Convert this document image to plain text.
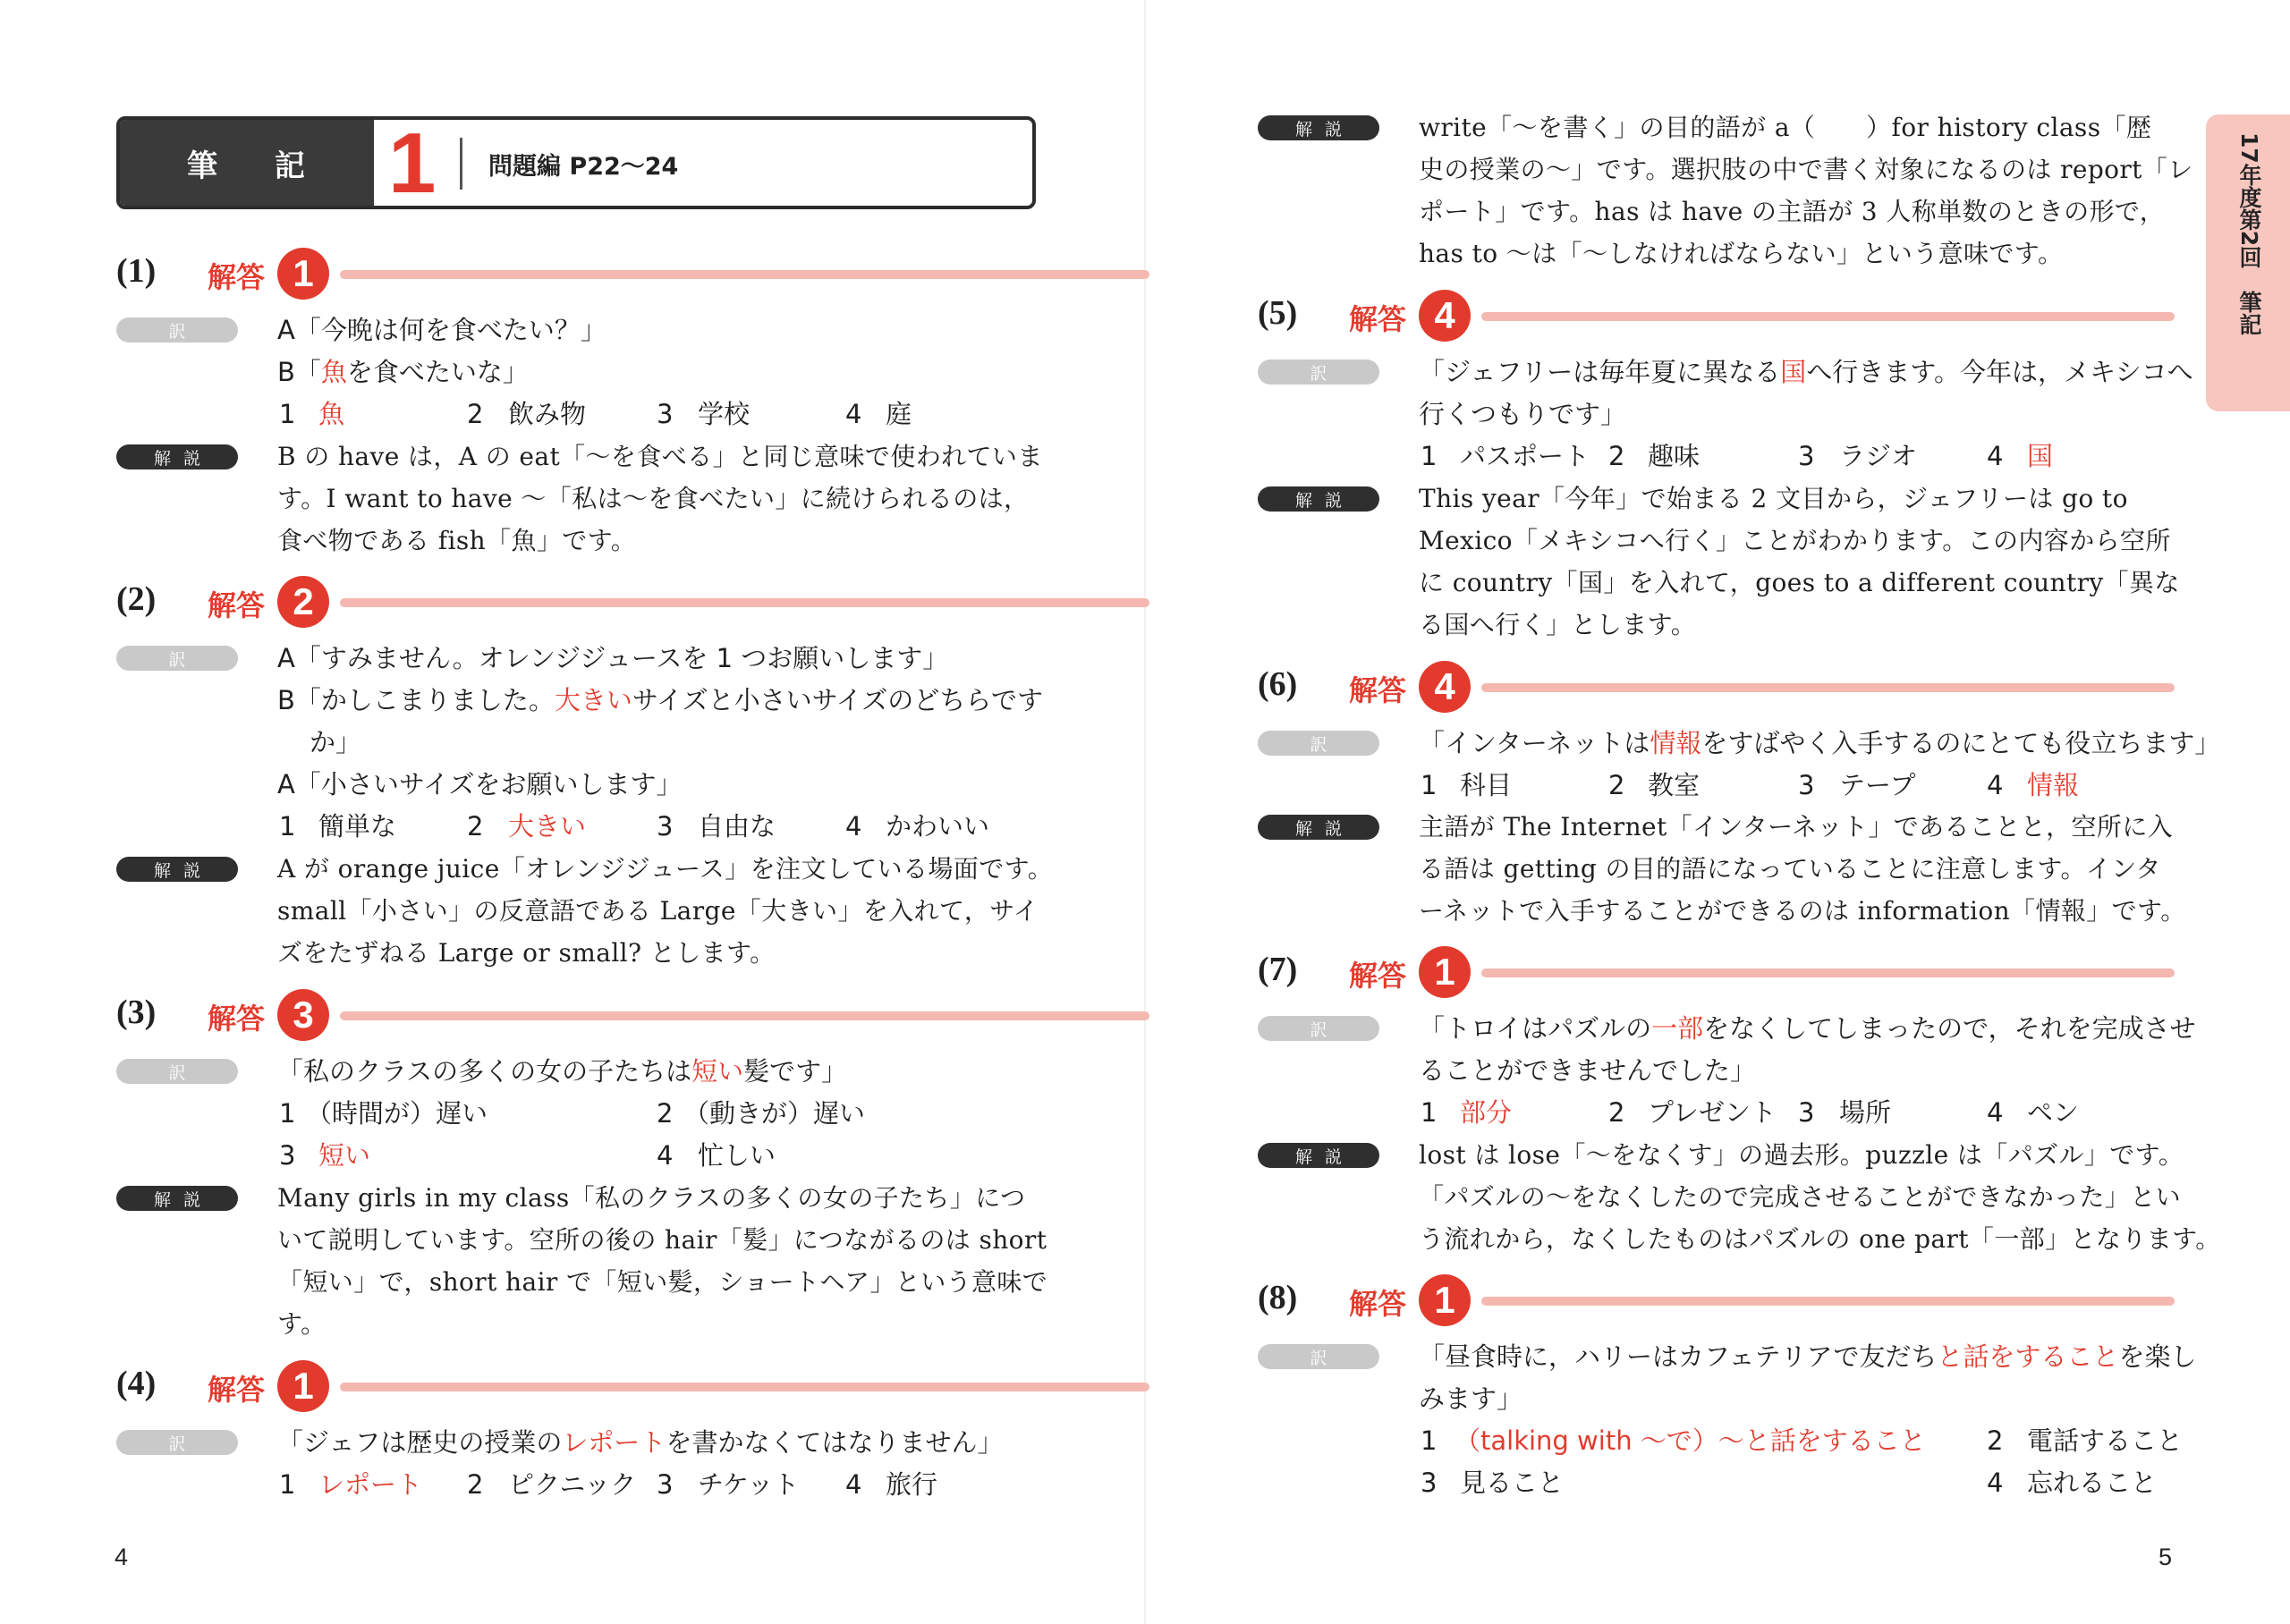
筆 記 1 問題編 P22〜24
(1) 解答 1
訳	A「今晩は何を食べたい？」
B「魚を食べたいな」
1 魚	2 飲み物	3 学校	4 庭
解説	B の have は，A の eat「〜を食べる」と同じ意味で使われていま
す。I want to have 〜「私は〜を食べたい」に続けられるのは，
食べ物である fish「魚」です。
(2) 解答 2
訳	A「すみません。オレンジジュースを 1 つお願いします」
B「かしこまりました。大きいサイズと小さいサイズのどちらです
か」
A「小さいサイズをお願いします」
1 簡単な	2 大きい	3 自由な	4 かわいい
解説	A が orange juice「オレンジジュース」を注文している場面です。
small「小さい」の反意語である Large「大きい」を入れて，サイ
ズをたずねる Large or small? とします。
(3) 解答 3
訳	「私のクラスの多くの女の子たちは短い髪です」
1 （時間が）遅い	2 （動きが）遅い
3 短い	4 忙しい
解説	Many girls in my class「私のクラスの多くの女の子たち」につ
いて説明しています。空所の後の hair「髪」につながるのは short
「短い」で，short hair で「短い髪，ショートヘア」という意味で
す。
(4) 解答 1
訳	「ジェフは歴史の授業のレポートを書かなくてはなりません」
1 レポート 2 ピクニック 3 チケット 4 旅行
4
解説	write「〜を書く」の目的語が a（　　）for history class「歴
史の授業の〜」です。選択肢の中で書く対象になるのは report「レ
ポート」です。has は have の主語が 3 人称単数のときの形で，
has to 〜は「〜しなければならない」という意味です。
(5) 解答 4
訳	「ジェフリーは毎年夏に異なる国へ行きます。今年は，メキシコへ
行くつもりです」
1 パスポート 2 趣味	3 ラジオ	4 国
解説	This year「今年」で始まる 2 文目から，ジェフリーは go to
Mexico「メキシコへ行く」ことがわかります。この内容から空所
に country「国」を入れて，goes to a different country「異な
る国へ行く」とします。
(6) 解答 4
訳	「インターネットは情報をすばやく入手するのにとても役立ちます」
1 科目	2 教室	3 テープ	4 情報
解説	主語が The Internet「インターネット」であることと，空所に入
る語は getting の目的語になっていることに注意します。インタ
ーネットで入手することができるのは information「情報」です。
(7) 解答 1
訳	「トロイはパズルの一部をなくしてしまったので，それを完成させ
ることができませんでした」
1 部分	2 プレゼント 3 場所	4 ペン
解説	lost は lose「〜をなくす」の過去形。puzzle は「パズル」です。
「パズルの〜をなくしたので完成させることができなかった」とい
う流れから，なくしたものはパズルの one part「一部」となります。
(8) 解答 1
訳	「昼食時に，ハリーはカフェテリアで友だちと話をすることを楽し
みます」
1 （talking with 〜で）〜と話をすること 2 電話すること
3 見ること	4 忘れること
5
17年度第2回　筆記
